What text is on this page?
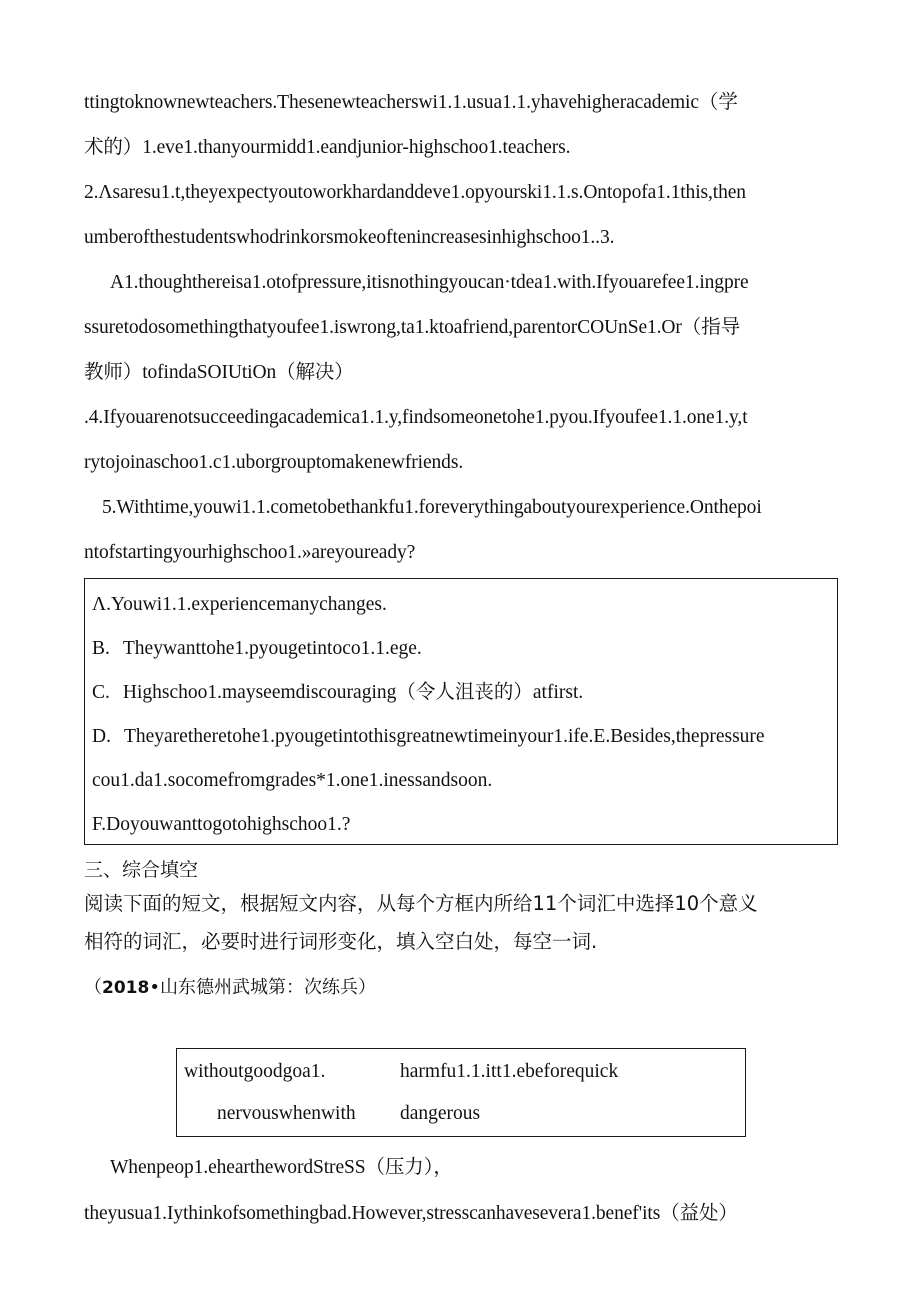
ttingtoknownewteachers.Thesenewteacherswi1.1.usua1.1.yhavehigheracademic（学
术的）1.eve1.thanyourmidd1.eandjunior-highschoo1.teachers.
2.Λsaresu1.t,theyexpectyoutoworkhardanddeve1.opyourski1.1.s.Ontopofa1.1this,then
umberofthestudentswhodrinkorsmokeoftenincreasesinhighschoo1..3.
A1.thoughthereisa1.otofpressure,itisnothingyoucan·tdea1.with.Ifyouarefee1.ingpre
ssuretodosomethingthatyoufee1.iswrong,ta1.ktoafriend,parentorCOUnSe1.Or（指导
教师）tofindaSOIUtiOn（解决）
.4.Ifyouarenotsucceedingacademica1.1.y,findsomeonetohe1.pyou.Ifyoufee1.1.one1.y,t
rytojoinaschoo1.c1.uborgrouptomakenewfriends.
5.Withtime,youwi1.1.cometobethankfu1.foreverythingaboutyourexperience.Onthepoi
ntofstartingyourhighschoo1.»areyouready?
Λ.Youwi1.1.experiencemanychanges.
B. Theywanttohe1.pyougetintoco1.1.ege.
C. Highschoo1.mayseemdiscouraging（令人沮丧的）atfirst.
D. Theyaretheretohe1.pyougetintothisgreatnewtimeinyour1.ife.E.Besides,thepressure
cou1.da1.socomefromgrades*1.one1.inessandsoon.
F.Doyouwanttogotohighschoo1.?
三、综合填空
阅读下面的短文，根据短文内容，从每个方框内所给11个词汇中选择10个意义
相符的词汇，必要时进行词形变化，填入空白处，每空一词.
（2018•山东德州武城第：次练兵）
withoutgoodgoa1.	harmfu1.1.itt1.ebeforequick
nervouswhenwith dangerous
Whenpeop1.ehearthewordStreSS（压力），
theyusua1.Iythinkofsomethingbad.However,stresscanhavesevera1.benef'its（益处）
